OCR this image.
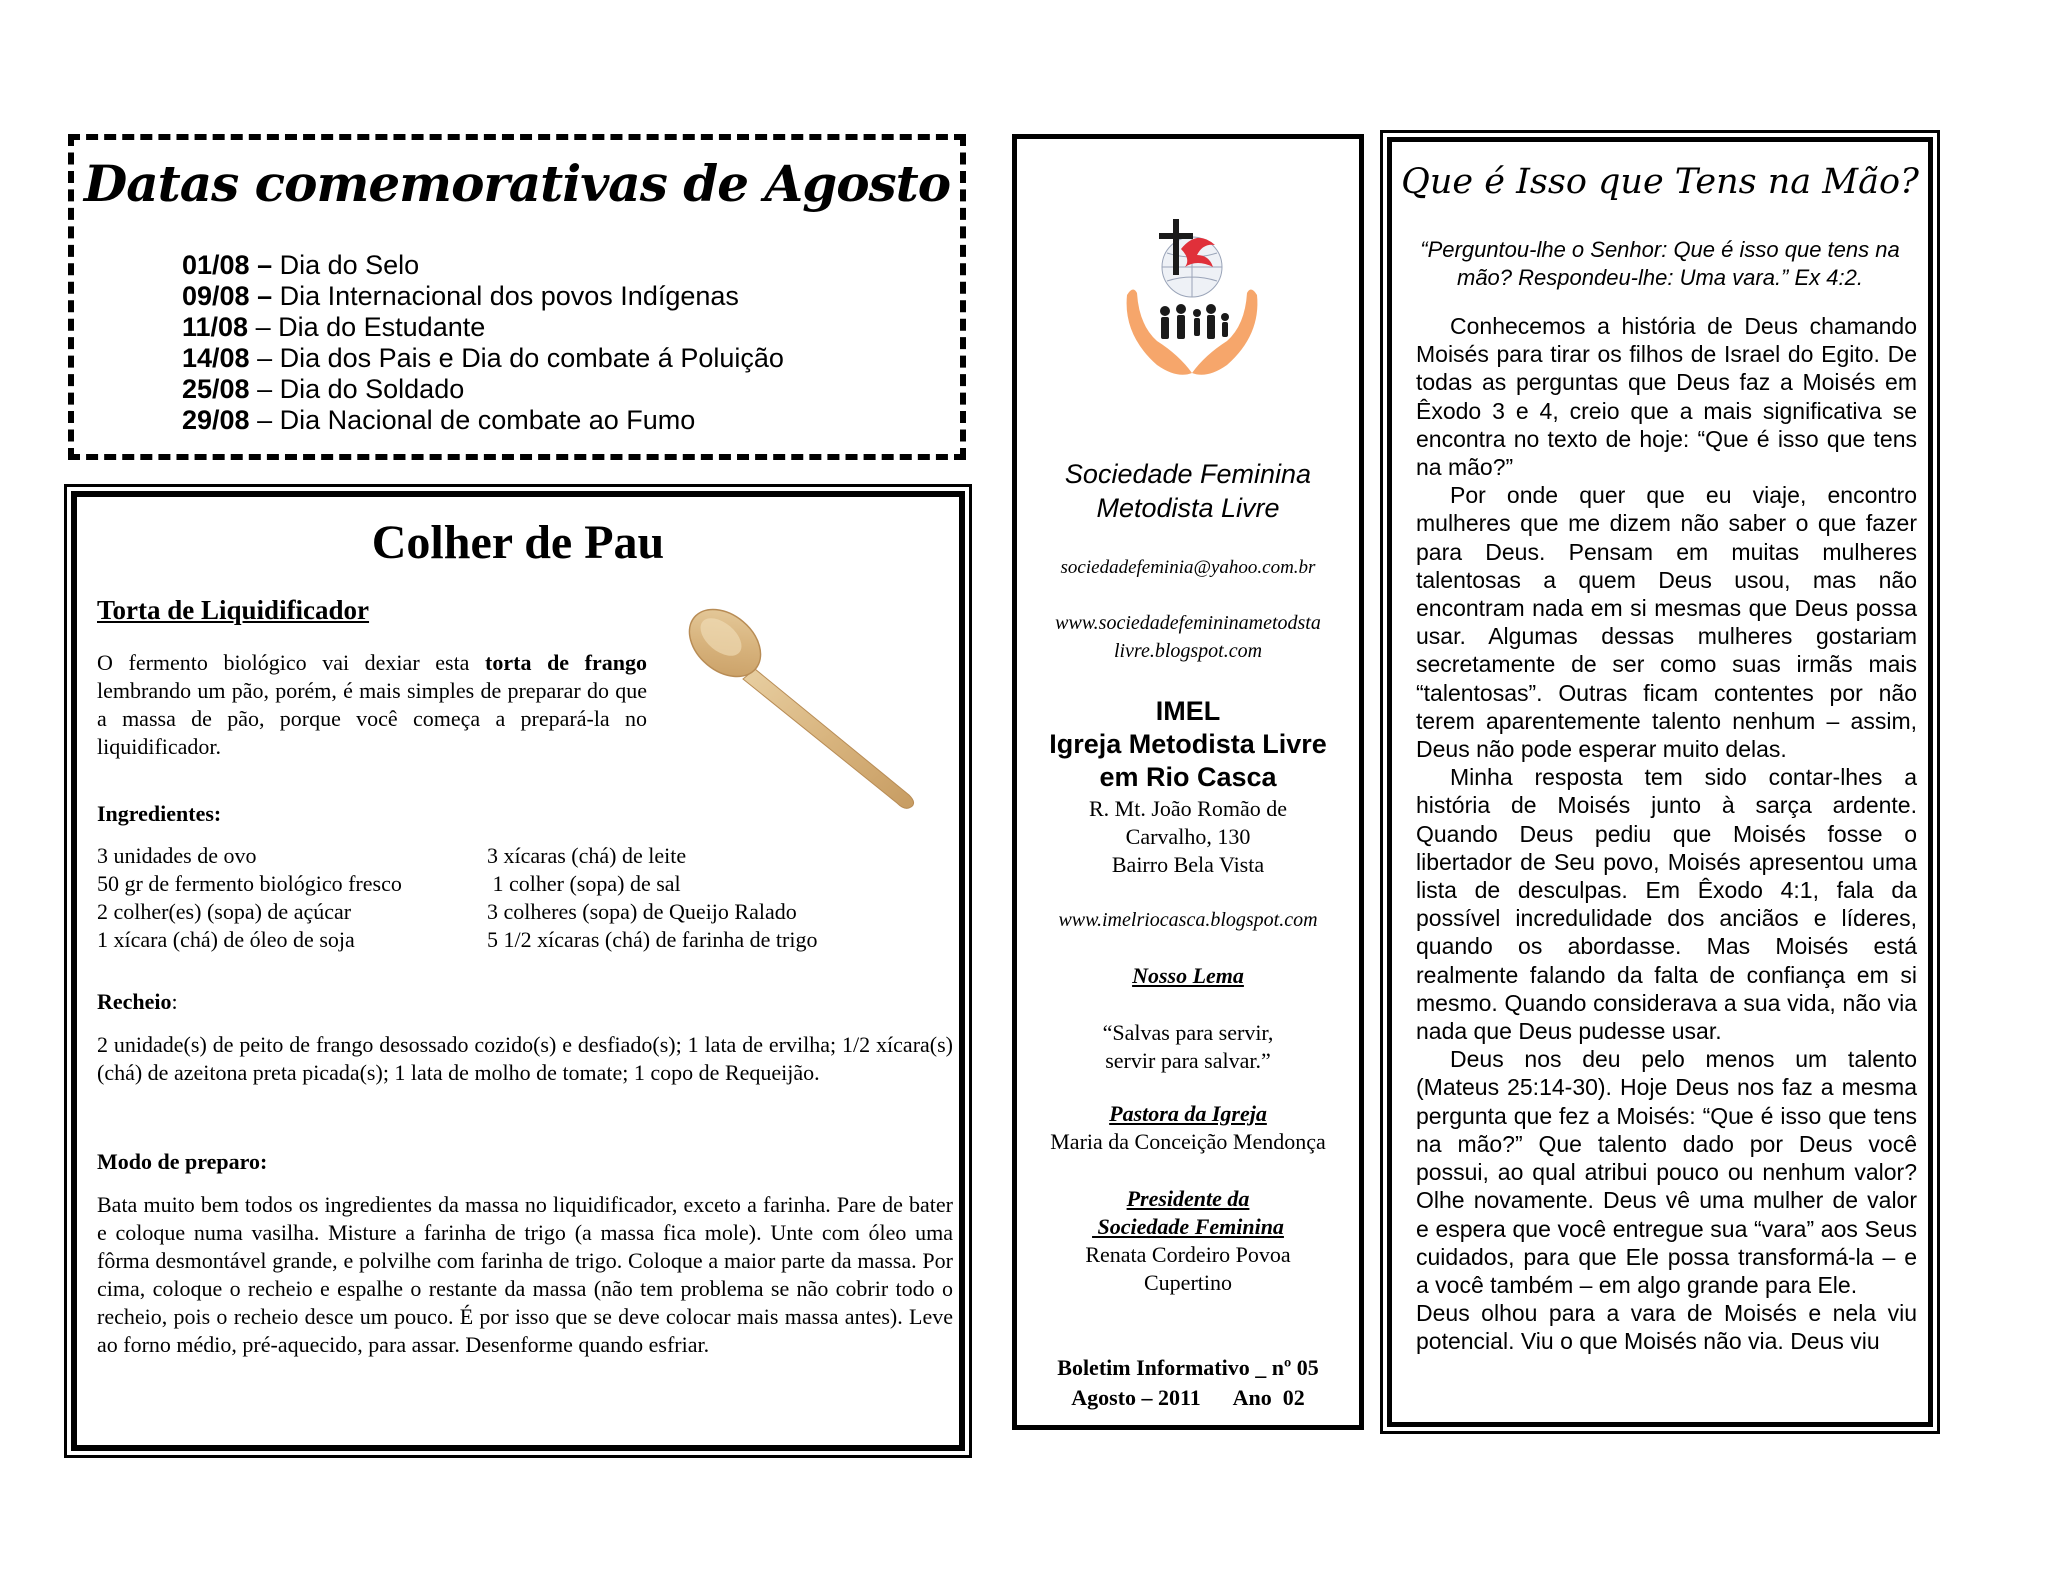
Datas comemorativas de Agosto
01/08 – Dia do Selo
09/08 – Dia Internacional dos povos Indígenas
11/08 – Dia do Estudante
14/08 – Dia dos Pais e Dia do combate á Poluição
25/08 – Dia do Soldado
29/08 – Dia Nacional de combate ao Fumo
Colher de Pau
Torta de Liquidificador
O fermento biológico vai dexiar esta torta de frango lembrando um pão, porém, é mais simples de preparar do que a massa de pão, porque você começa a prepará-la no liquidificador.
Ingredientes:
3 unidades de ovo
50 gr de fermento biológico fresco
2 colher(es) (sopa) de açúcar
1 xícara (chá) de óleo de soja
3 xícaras (chá) de leite
1 colher (sopa) de sal
3 colheres (sopa) de Queijo Ralado
5 1/2 xícaras (chá) de farinha de trigo
Recheio:
2 unidade(s) de peito de frango desossado cozido(s) e desfiado(s); 1 lata de ervilha; 1/2 xícara(s) (chá) de azeitona preta picada(s); 1 lata de molho de tomate; 1 copo de Requeijão.
Modo de preparo:
Bata muito bem todos os ingredientes da massa no liquidificador, exceto a farinha. Pare de bater e coloque numa vasilha. Misture a farinha de trigo (a massa fica mole). Unte com óleo uma fôrma desmontável grande, e polvilhe com farinha de trigo. Coloque a maior parte da massa. Por cima, coloque o recheio e espalhe o restante da massa (não tem problema se não cobrir todo o recheio, pois o recheio desce um pouco. É por isso que se deve colocar mais massa antes). Leve ao forno médio, pré-aquecido, para assar. Desenforme quando esfriar.
Sociedade Feminina
Metodista Livre
sociedadefeminia@yahoo.com.br
www.sociedadefemininametodsta
livre.blogspot.com
IMEL
Igreja Metodista Livre
em Rio Casca
R. Mt. João Romão de
Carvalho, 130
Bairro Bela Vista
www.imelriocasca.blogspot.com
Nosso Lema
“Salvas para servir,
servir para salvar.”
Pastora da Igreja
Maria da Conceição Mendonça
Presidente da
Sociedade Feminina
Renata Cordeiro Povoa
Cupertino
Boletim Informativo _ nº 05
Agosto – 2011      Ano  02
Que é Isso que Tens na Mão?
“Perguntou-lhe o Senhor: Que é isso que tens na mão? Respondeu-lhe: Uma vara.” Ex 4:2.

Conhecemos a história de Deus chamando Moisés para tirar os filhos de Israel do Egito. De todas as perguntas que Deus faz a Moisés em Êxodo 3 e 4, creio que a mais significativa se encontra no texto de hoje: “Que é isso que tens na mão?”

Por onde quer que eu viaje, encontro mulheres que me dizem não saber o que fazer para Deus. Pensam em muitas mulheres talentosas a quem Deus usou, mas não encontram nada em si mesmas que Deus possa usar. Algumas dessas mulheres gostariam secretamente de ser como suas irmãs mais “talentosas”. Outras ficam contentes por não terem aparentemente talento nenhum – assim, Deus não pode esperar muito delas.

Minha resposta tem sido contar-lhes a história de Moisés junto à sarça ardente. Quando Deus pediu que Moisés fosse o libertador de Seu povo, Moisés apresentou uma lista de desculpas. Em Êxodo 4:1, fala da possível incredulidade dos anciãos e líderes, quando os abordasse. Mas Moisés está realmente falando da falta de confiança em si mesmo. Quando considerava a sua vida, não via nada que Deus pudesse usar.

Deus nos deu pelo menos um talento (Mateus 25:14-30). Hoje Deus nos faz a mesma pergunta que fez a Moisés: “Que é isso que tens na mão?” Que talento dado por Deus você possui, ao qual atribui pouco ou nenhum valor? Olhe novamente. Deus vê uma mulher de valor e espera que você entregue sua “vara” aos Seus cuidados, para que Ele possa transformá-la – e a você também – em algo grande para Ele.

Deus olhou para a vara de Moisés e nela viu potencial. Viu o que Moisés não via. Deus viu
